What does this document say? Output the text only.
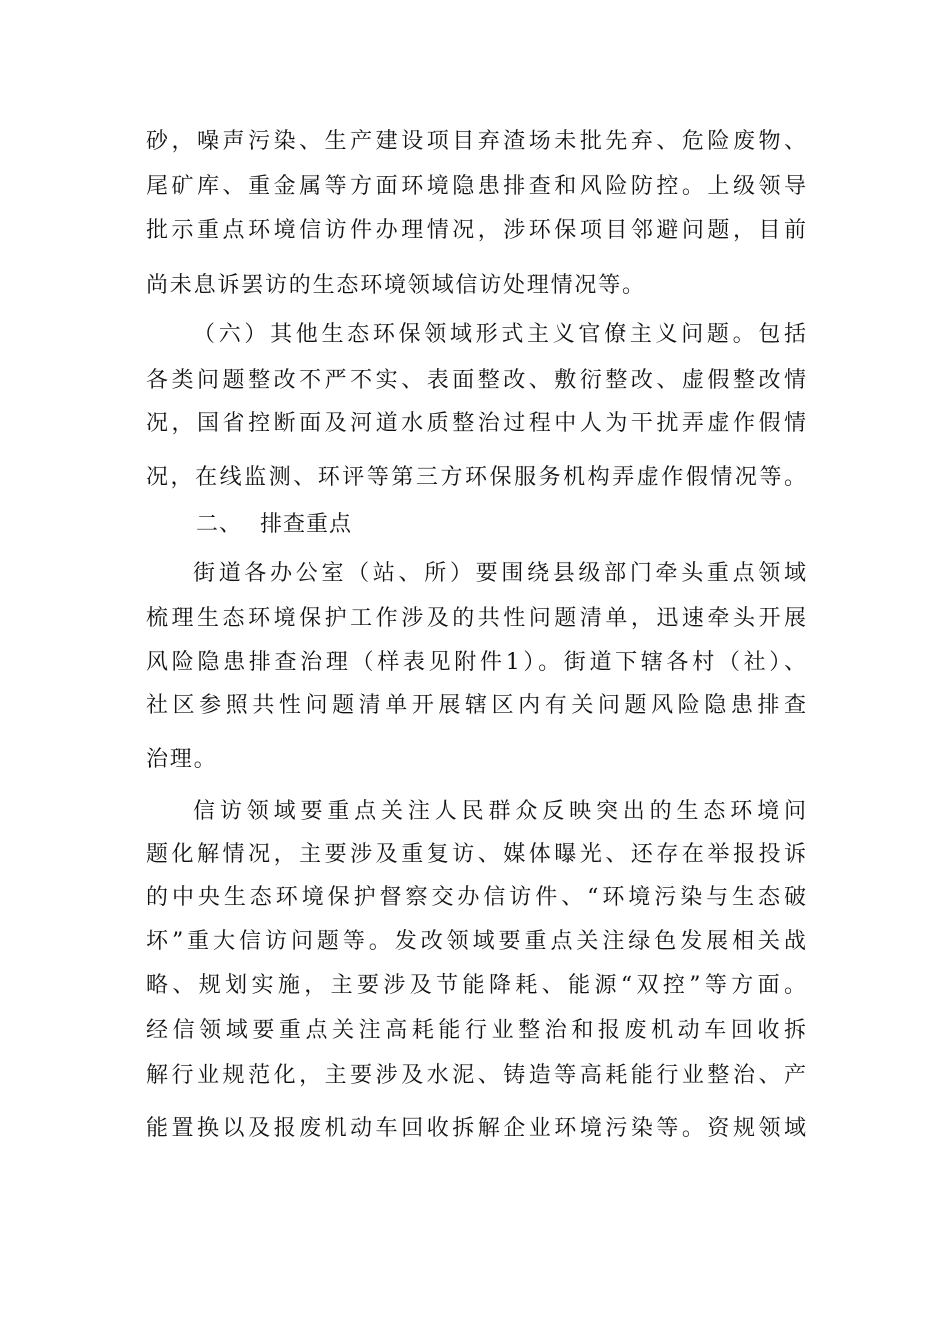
砂，噪声污染、生产建设项目弃渣场未批先弃、危险废物、
尾矿库、重金属等方面环境隐患排查和风险防控。上级领导
批示重点环境信访件办理情况，涉环保项目邻避问题，目前
尚未息诉罢访的生态环境领域信访处理情况等。
（六）其他生态环保领域形式主义官僚主义问题。包括
各类问题整改不严不实、表面整改、敷衍整改、虚假整改情
况，国省控断面及河道水质整治过程中人为干扰弄虚作假情
况，在线监测、环评等第三方环保服务机构弄虚作假情况等。
二、 排查重点
街道各办公室（站、所）要围绕县级部门牵头重点领域
梳理生态环境保护工作涉及的共性问题清单，迅速牵头开展
风险隐患排查治理（样表见附件1）。街道下辖各村（社）、
社区参照共性问题清单开展辖区内有关问题风险隐患排查
治理。
信访领域要重点关注人民群众反映突出的生态环境问
题化解情况，主要涉及重复访、媒体曝光、还存在举报投诉
的中央生态环境保护督察交办信访件、“环境污染与生态破
坏”重大信访问题等。发改领域要重点关注绿色发展相关战
略、规划实施，主要涉及节能降耗、能源“双控”等方面。
经信领域要重点关注高耗能行业整治和报废机动车回收拆
解行业规范化，主要涉及水泥、铸造等高耗能行业整治、产
能置换以及报废机动车回收拆解企业环境污染等。资规领域
